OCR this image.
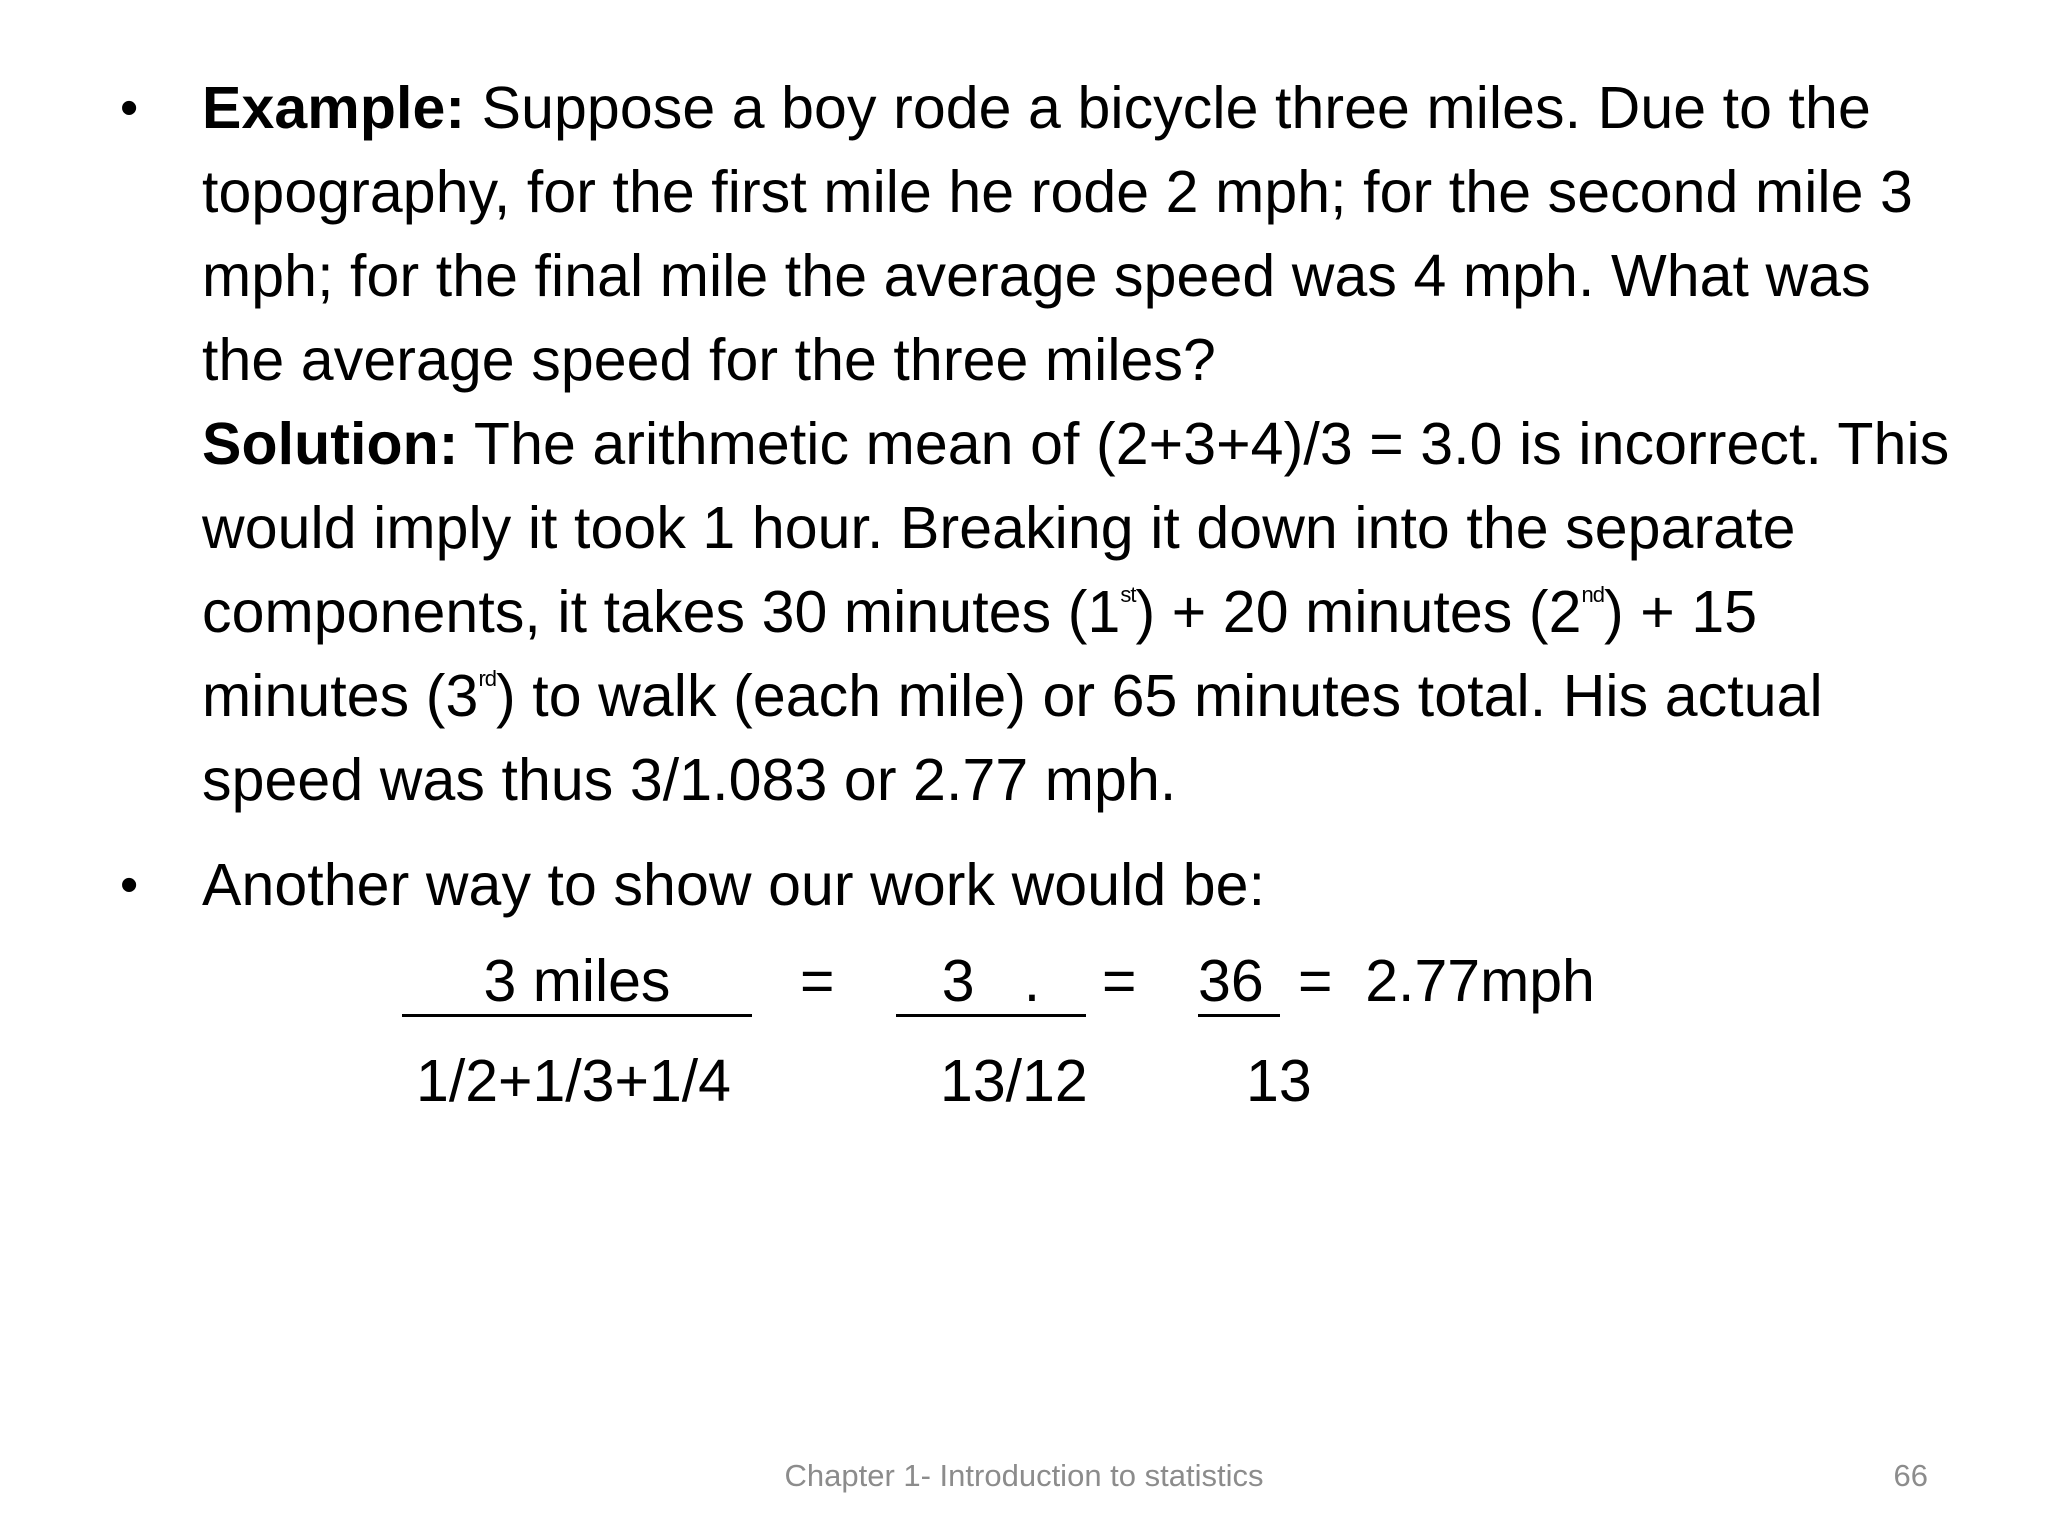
• Example: Suppose a boy rode a bicycle three miles. Due to the topography, for the first mile he rode 2 mph; for the second mile 3 mph; for the final mile the average speed was 4 mph. What was the average speed for the three miles?

Solution: The arithmetic mean of (2+3+4)/3 = 3.0 is incorrect. This would imply it took 1 hour. Breaking it down into the separate components, it takes 30 minutes (1st) + 20 minutes (2nd) + 15 minutes (3rd) to walk (each mile) or 65 minutes total. His actual speed was thus 3/1.083 or 2.77 mph.

• Another way to show our work would be:
3 miles	=	3   .	= 36 =  2.77mph
1/2+1/3+1/4	13/12	13
Chapter 1- Introduction to statistics	66
